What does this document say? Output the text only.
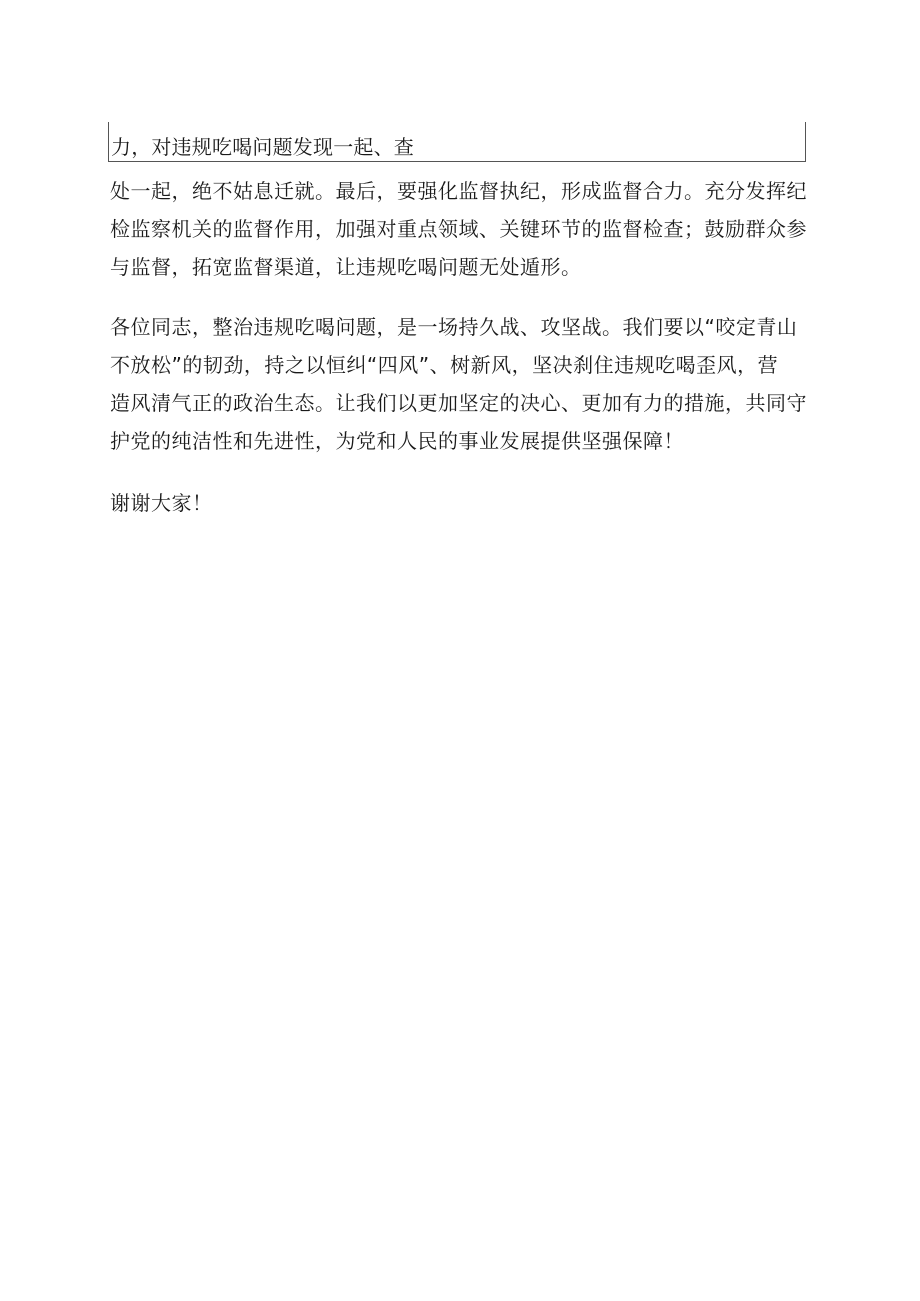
力，对违规吃喝问题发现一起、查

处一起，绝不姑息迁就。最后，要强化监督执纪，形成监督合力。充分发挥纪
检监察机关的监督作用，加强对重点领域、关键环节的监督检查；鼓励群众参
与监督，拓宽监督渠道，让违规吃喝问题无处遁形。

各位同志，整治违规吃喝问题，是一场持久战、攻坚战。我们要以“咬定青山
不放松”的韧劲，持之以恒纠“四风”、树新风，坚决刹住违规吃喝歪风，营
造风清气正的政治生态。让我们以更加坚定的决心、更加有力的措施，共同守
护党的纯洁性和先进性，为党和人民的事业发展提供坚强保障！

谢谢大家！
